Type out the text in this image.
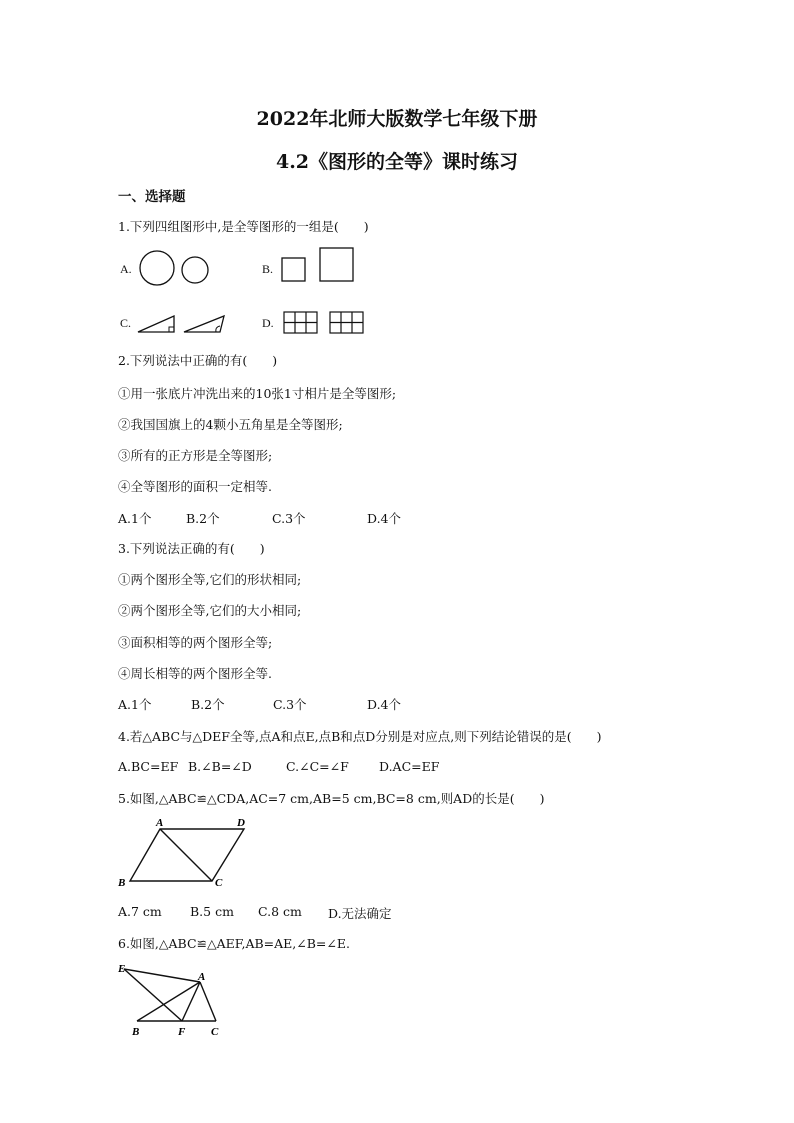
2022年北师大版数学七年级下册
4.2《图形的全等》课时练习
一、选择题
1.下列四组图形中,是全等图形的一组是(　　)
A.	B.
C.	D.
2.下列说法中正确的有(　　)
①用一张底片冲洗出来的10张1寸相片是全等图形;
②我国国旗上的4颗小五角星是全等图形;
③所有的正方形是全等图形;
④全等图形的面积一定相等.
A.1个	B.2个	C.3个	D.4个
3.下列说法正确的有(　　)
①两个图形全等,它们的形状相同;
②两个图形全等,它们的大小相同;
③面积相等的两个图形全等;
④周长相等的两个图形全等.
A.1个	B.2个	C.3个	D.4个
4.若△ABC与△DEF全等,点A和点E,点B和点D分别是对应点,则下列结论错误的是(　　)
A.BC=EF B.∠B=∠D	C.∠C=∠F D.AC=EF
5.如图,△ABC≌△CDA,AC=7 cm,AB=5 cm,BC=8 cm,则AD的长是(　　)
A	D
B	C
A.7 cm B.5 cm C.8 cm D.无法确定
6.如图,△ABC≌△AEF,AB=AE,∠B=∠E.
E
A
B	F C
